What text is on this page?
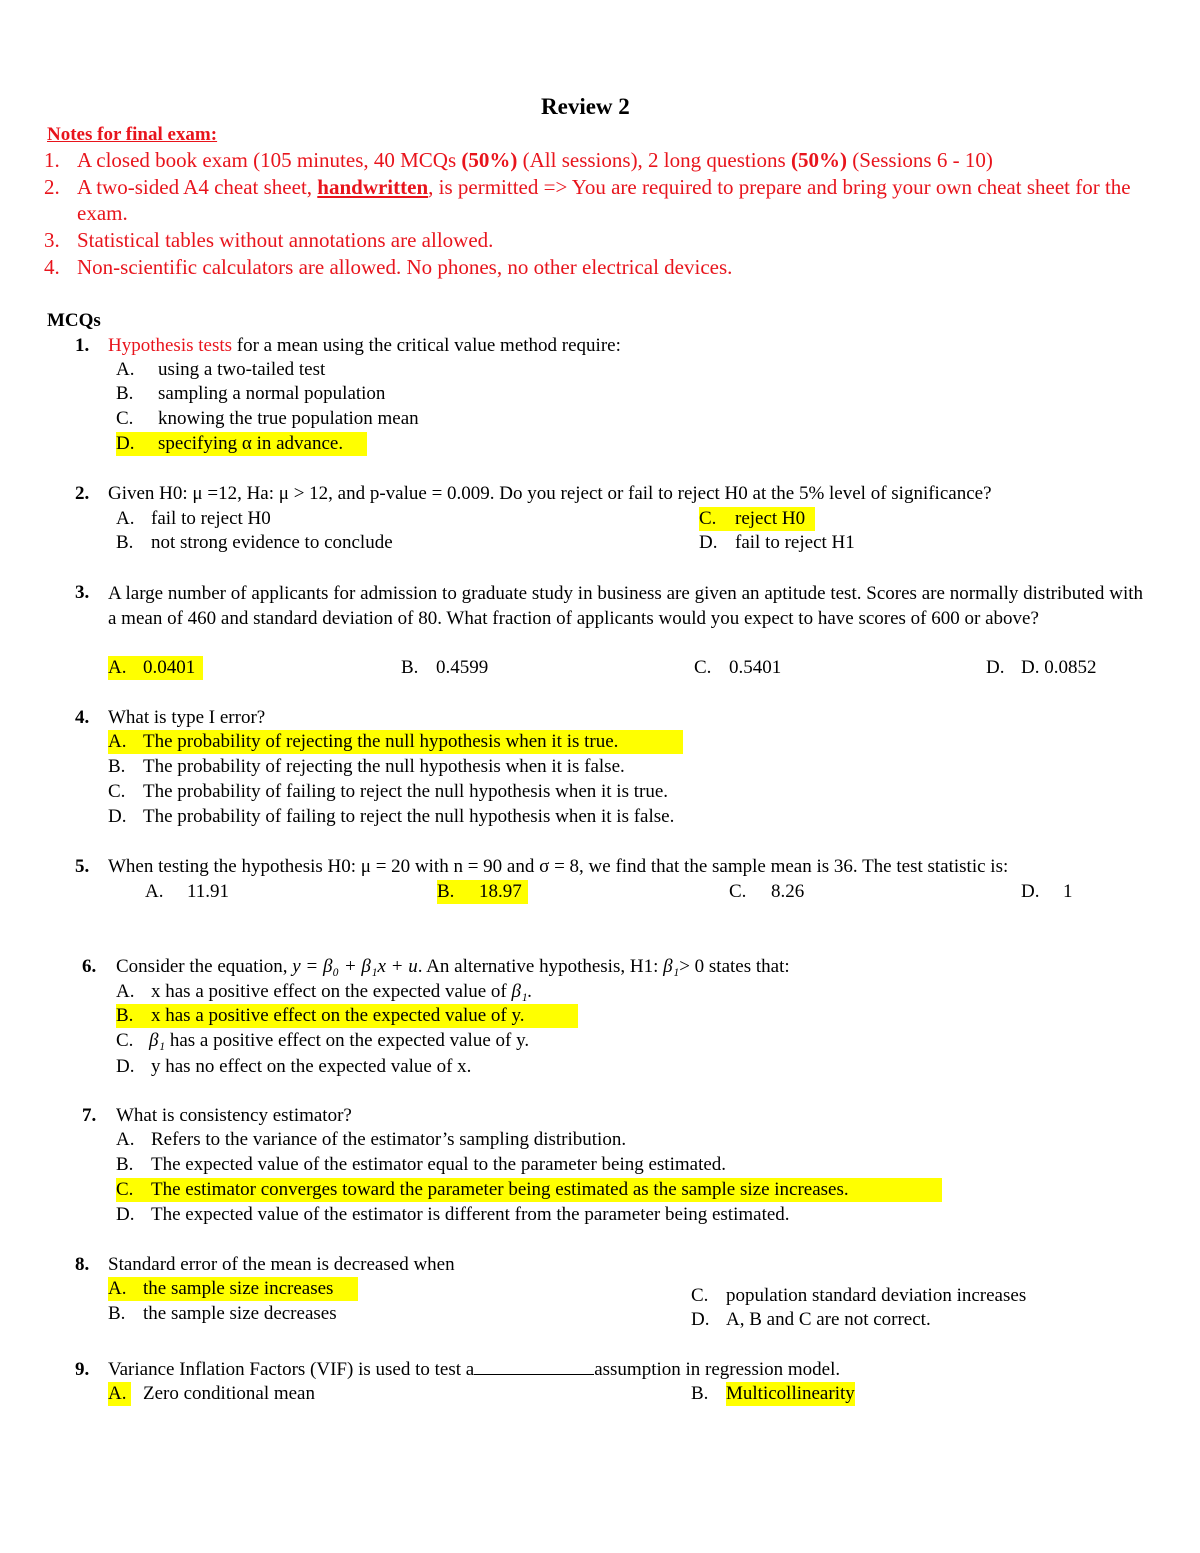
Review 2
Notes for final exam:
1. A closed book exam (105 minutes, 40 MCQs (50%) (All sessions), 2 long questions (50%) (Sessions 6 - 10)
2. A two-sided A4 cheat sheet, handwritten, is permitted => You are required to prepare and bring your own cheat sheet for the exam.
3. Statistical tables without annotations are allowed.
4. Non-scientific calculators are allowed. No phones, no other electrical devices.
MCQs
1. Hypothesis tests for a mean using the critical value method require:
A. using a two-tailed test
B. sampling a normal population
C. knowing the true population mean
D. specifying α in advance.
2. Given H0: μ =12, Ha: μ > 12, and p-value = 0.009. Do you reject or fail to reject H0 at the 5% level of significance?
A. fail to reject H0
B. not strong evidence to conclude
C. reject H0
D. fail to reject H1
3. A large number of applicants for admission to graduate study in business are given an aptitude test. Scores are normally distributed with a mean of 460 and standard deviation of 80. What fraction of applicants would you expect to have scores of 600 or above?
A. 0.0401	B. 0.4599	C. 0.5401	D. D. 0.0852
4. What is type I error?
A. The probability of rejecting the null hypothesis when it is true.
B. The probability of rejecting the null hypothesis when it is false.
C. The probability of failing to reject the null hypothesis when it is true.
D. The probability of failing to reject the null hypothesis when it is false.
5. When testing the hypothesis H0: μ = 20 with n = 90 and σ = 8, we find that the sample mean is 36. The test statistic is:
A. 11.91	B. 18.97	C. 8.26	D. 1
6. Consider the equation, y = β₀ + β₁x + u. An alternative hypothesis, H1: β₁> 0 states that:
A. x has a positive effect on the expected value of β₁.
B. x has a positive effect on the expected value of y.
C. β₁ has a positive effect on the expected value of y.
D. y has no effect on the expected value of x.
7. What is consistency estimator?
A. Refers to the variance of the estimator’s sampling distribution.
B. The expected value of the estimator equal to the parameter being estimated.
C. The estimator converges toward the parameter being estimated as the sample size increases.
D. The expected value of the estimator is different from the parameter being estimated.
8. Standard error of the mean is decreased when
A. the sample size increases
B. the sample size decreases
C. population standard deviation increases
D. A, B and C are not correct.
9. Variance Inflation Factors (VIF) is used to test a	assumption in regression model.
A. Zero conditional mean	B. Multicollinearity
